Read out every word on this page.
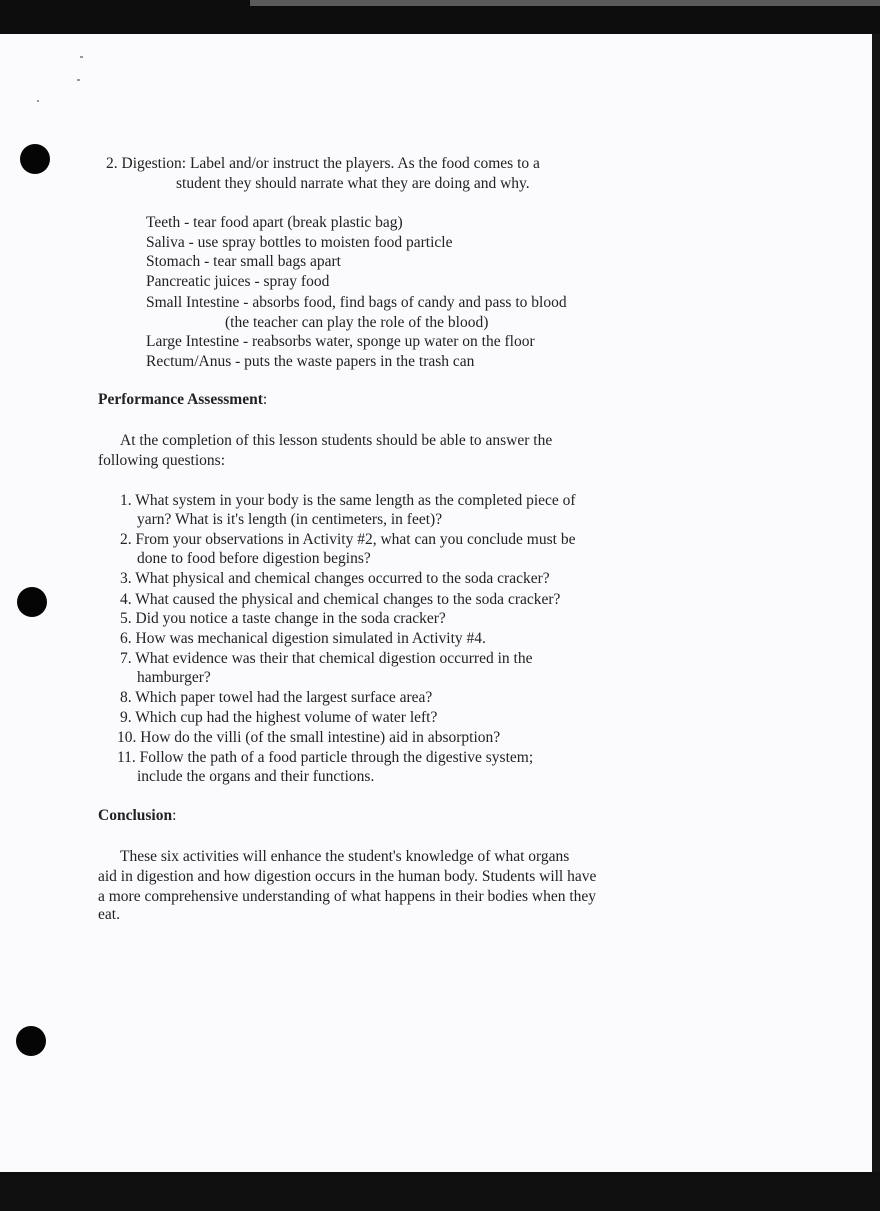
2. Digestion: Label and/or instruct the players. As the food comes to a
student they should narrate what they are doing and why.
Teeth - tear food apart (break plastic bag)
Saliva - use spray bottles to moisten food particle
Stomach - tear small bags apart
Pancreatic juices - spray food
Small Intestine - absorbs food, find bags of candy and pass to blood
(the teacher can play the role of the blood)
Large Intestine - reabsorbs water, sponge up water on the floor
Rectum/Anus - puts the waste papers in the trash can
Performance Assessment:
At the completion of this lesson students should be able to answer the
following questions:
1. What system in your body is the same length as the completed piece of
yarn? What is it's length (in centimeters, in feet)?
2. From your observations in Activity #2, what can you conclude must be
done to food before digestion begins?
3. What physical and chemical changes occurred to the soda cracker?
4. What caused the physical and chemical changes to the soda cracker?
5. Did you notice a taste change in the soda cracker?
6. How was mechanical digestion simulated in Activity #4.
7. What evidence was their that chemical digestion occurred in the
hamburger?
8. Which paper towel had the largest surface area?
9. Which cup had the highest volume of water left?
10. How do the villi (of the small intestine) aid in absorption?
11. Follow the path of a food particle through the digestive system;
include the organs and their functions.
Conclusion:
These six activities will enhance the student's knowledge of what organs
aid in digestion and how digestion occurs in the human body. Students will have
a more comprehensive understanding of what happens in their bodies when they
eat.
